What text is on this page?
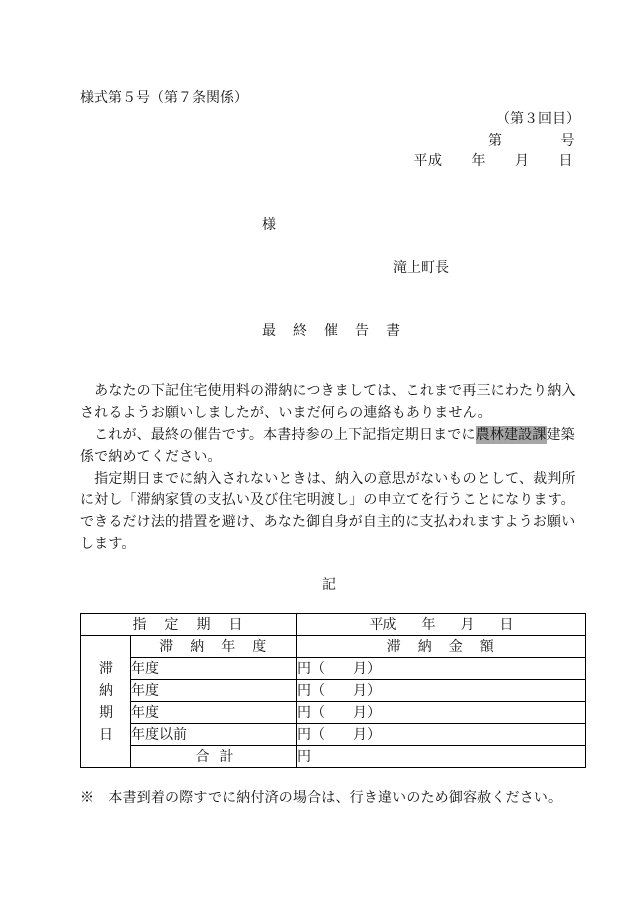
様式第５号（第７条関係）
（第３回目）
第　　　　号
平成　　年　　月　　日
様
滝上町長
最　終　催　告　書
　あなたの下記住宅使用料の滞納につきましては、これまで再三にわたり納入
されるようお願いしましたが、いまだ何らの連絡もありません。
　これが、最終の催告です。本書持参の上下記指定期日までに農林建設課建築
係で納めてください。
　指定期日までに納入されないときは、納入の意思がないものとして、裁判所
に対し「滞納家賃の支払い及び住宅明渡し」の申立てを行うことになります。
できるだけ法的措置を避け、あなた御自身が自主的に支払われますようお願い
します。
記
指　定　期　日		平成　　年　　月　　日

滞納期日	滞　納　年　度	滞　納　金　額
	年度	円（　　月）
	年度	円（　　月）
	年度	円（　　月）
	年度以前	円（　　月）
	合　計	円
※　本書到着の際すでに納付済の場合は、行き違いのため御容赦ください。
